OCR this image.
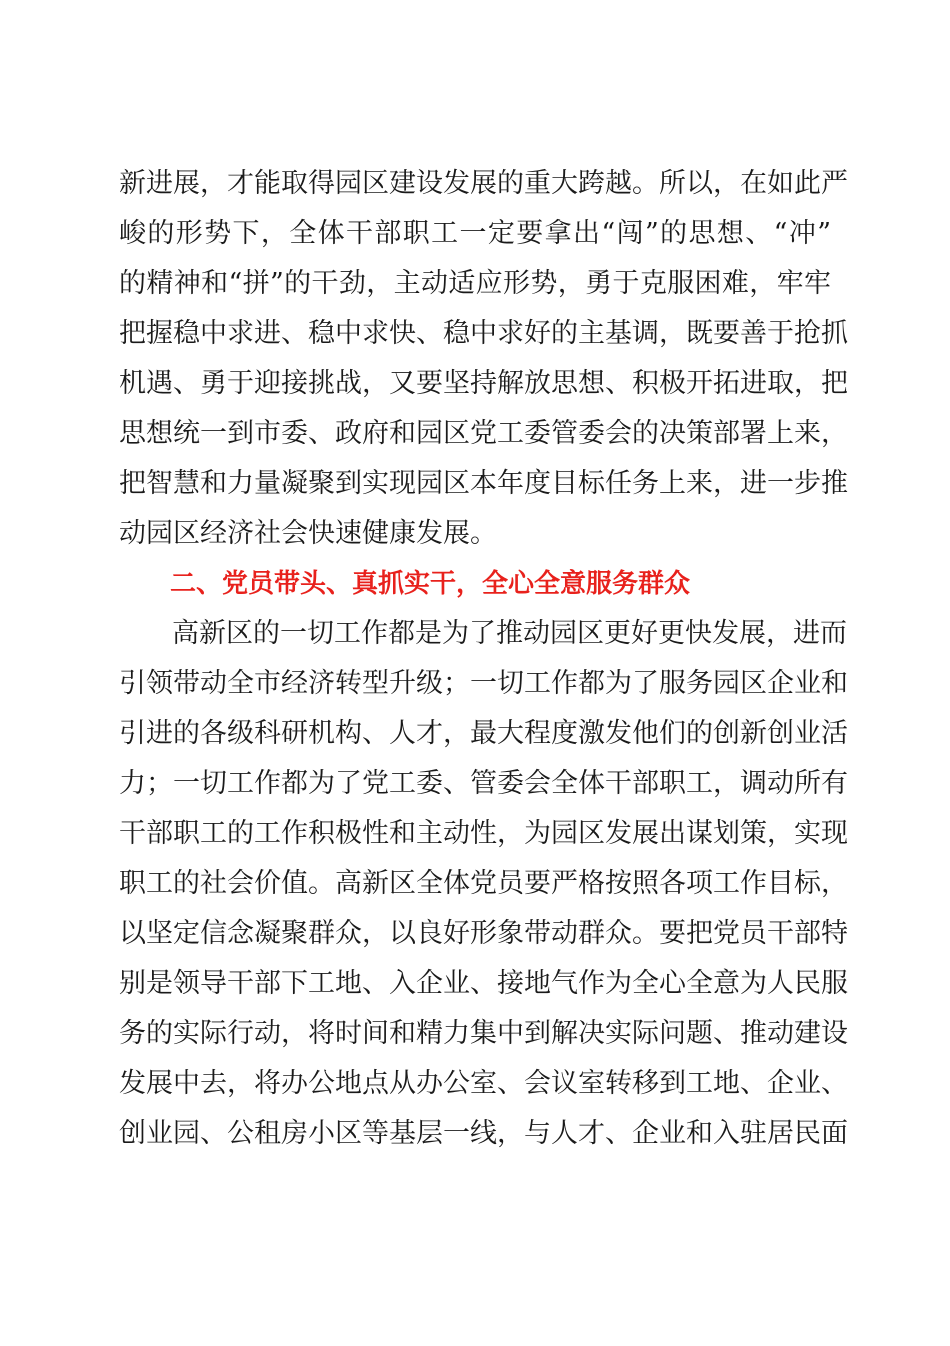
新进展，才能取得园区建设发展的重大跨越。所以，在如此严
峻的形势下，全体干部职工一定要拿出“闯”的思想、“冲”
的精神和“拼”的干劲，主动适应形势，勇于克服困难，牢牢
把握稳中求进、稳中求快、稳中求好的主基调，既要善于抢抓
机遇、勇于迎接挑战，又要坚持解放思想、积极开拓进取，把
思想统一到市委、政府和园区党工委管委会的决策部署上来，
把智慧和力量凝聚到实现园区本年度目标任务上来，进一步推
动园区经济社会快速健康发展。
二、党员带头、真抓实干，全心全意服务群众
高新区的一切工作都是为了推动园区更好更快发展，进而
引领带动全市经济转型升级；一切工作都为了服务园区企业和
引进的各级科研机构、人才，最大程度激发他们的创新创业活
力；一切工作都为了党工委、管委会全体干部职工，调动所有
干部职工的工作积极性和主动性，为园区发展出谋划策，实现
职工的社会价值。高新区全体党员要严格按照各项工作目标，
以坚定信念凝聚群众，以良好形象带动群众。要把党员干部特
别是领导干部下工地、入企业、接地气作为全心全意为人民服
务的实际行动，将时间和精力集中到解决实际问题、推动建设
发展中去，将办公地点从办公室、会议室转移到工地、企业、
创业园、公租房小区等基层一线，与人才、企业和入驻居民面
